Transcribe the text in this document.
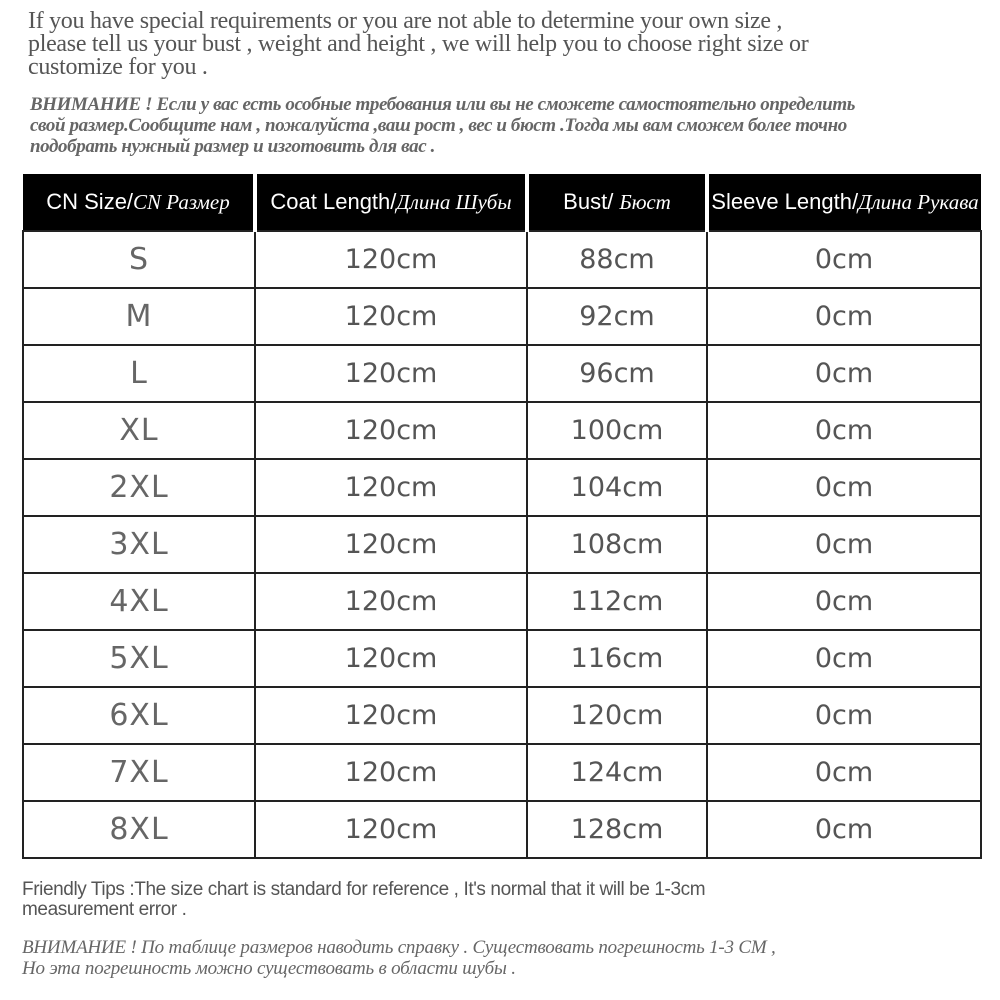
If you have special requirements or you are not able to determine your own size ,
please tell us your bust , weight and height , we will help you to choose right size or
customize for you .
ВНИМАНИЕ ! Если у вас есть особные требования или вы не сможете самостоятельно определить
свой размер.Сообщите нам , пожалуйста ,ваш рост , вес и бюст .Тогда мы вам сможем более точно
подобрать нужный размер и изготовить для вас .
CN Size/CN Размер	Coat Length/Длина Шубы	Bust/ Бюст	Sleeve Length/Длина Рукава
S	120cm	88cm	0cm
M	120cm	92cm	0cm
L	120cm	96cm	0cm
XL	120cm	100cm	0cm
2XL	120cm	104cm	0cm
3XL	120cm	108cm	0cm
4XL	120cm	112cm	0cm
5XL	120cm	116cm	0cm
6XL	120cm	120cm	0cm
7XL	120cm	124cm	0cm
8XL	120cm	128cm	0cm
Friendly Tips :The size chart is standard for reference , It's normal that it will be 1-3cm
measurement error .
ВНИМАНИЕ ! По таблице размеров наводить справку . Существовать погрешность 1-3 СМ ,
Но эта погрешность можно существовать в области шубы .
